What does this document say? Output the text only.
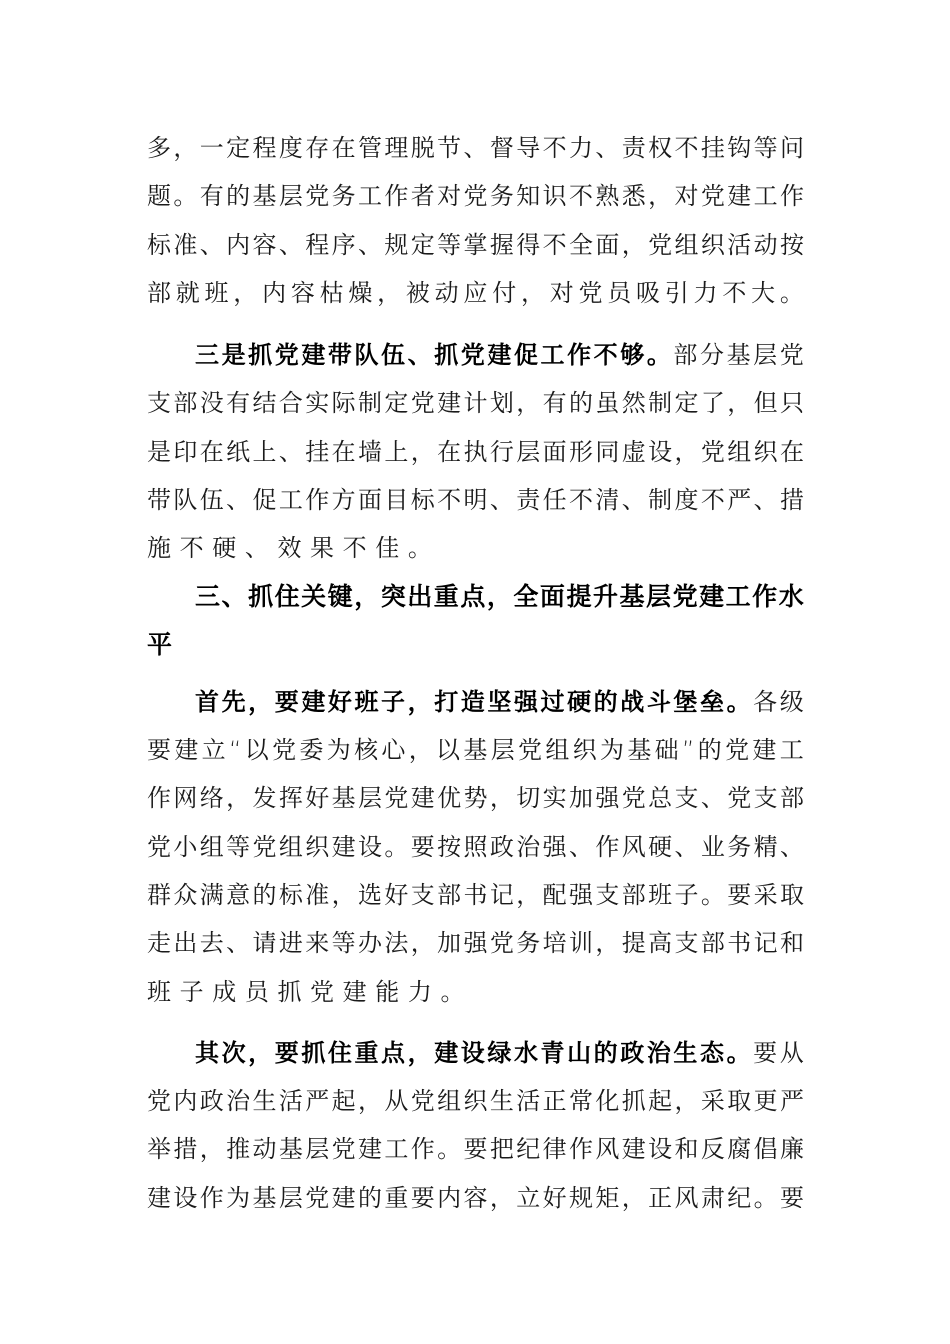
多 ， 一 定 程 度 存 在 管 理 脱 节 、 督 导 不 力 、 责 权 不 挂 钩 等 问
题 。 有 的 基 层 党 务 工 作 者 对 党 务 知 识 不 熟 悉 ， 对 党 建 工 作
标 准 、 内 容 、 程 序 、 规 定 等 掌 握 得 不 全 面 ， 党 组 织 活 动 按
部 就 班 ， 内 容 枯 燥 ， 被 动 应 付 ， 对 党 员 吸 引 力 不 大 。
三 是 抓 党 建 带 队 伍 、 抓 党 建 促 工 作 不 够 。 部 分 基 层 党
支 部 没 有 结 合 实 际 制 定 党 建 计 划 ， 有 的 虽 然 制 定 了 ， 但 只
是 印 在 纸 上 、 挂 在 墙 上 ， 在 执 行 层 面 形 同 虚 设 ， 党 组 织 在
带 队 伍 、 促 工 作 方 面 目 标 不 明 、 责 任 不 清 、 制 度 不 严 、 措
施 不 硬 、 效 果 不 佳 。
三 、 抓 住 关 键 ， 突 出 重 点 ， 全 面 提 升 基 层 党 建 工 作 水
平
首 先 ， 要 建 好 班 子 ， 打 造 坚 强 过 硬 的 战 斗 堡 垒 。 各 级
要 建 立 “ 以 党 委 为 核 心 ， 以 基 层 党 组 织 为 基 础 ” 的 党 建 工
作 网 络 ， 发 挥 好 基 层 党 建 优 势 ， 切 实 加 强 党 总 支 、 党 支 部
党 小 组 等 党 组 织 建 设 。 要 按 照 政 治 强 、 作 风 硬 、 业 务 精 、
群 众 满 意 的 标 准 ， 选 好 支 部 书 记 ， 配 强 支 部 班 子 。 要 采 取
走 出 去 、 请 进 来 等 办 法 ， 加 强 党 务 培 训 ， 提 高 支 部 书 记 和
班 子 成 员 抓 党 建 能 力 。
其 次 ， 要 抓 住 重 点 ， 建 设 绿 水 青 山 的 政 治 生 态 。 要 从
党 内 政 治 生 活 严 起 ， 从 党 组 织 生 活 正 常 化 抓 起 ， 采 取 更 严
举 措 ， 推 动 基 层 党 建 工 作 。 要 把 纪 律 作 风 建 设 和 反 腐 倡 廉
建 设 作 为 基 层 党 建 的 重 要 内 容 ， 立 好 规 矩 ， 正 风 肃 纪 。 要
